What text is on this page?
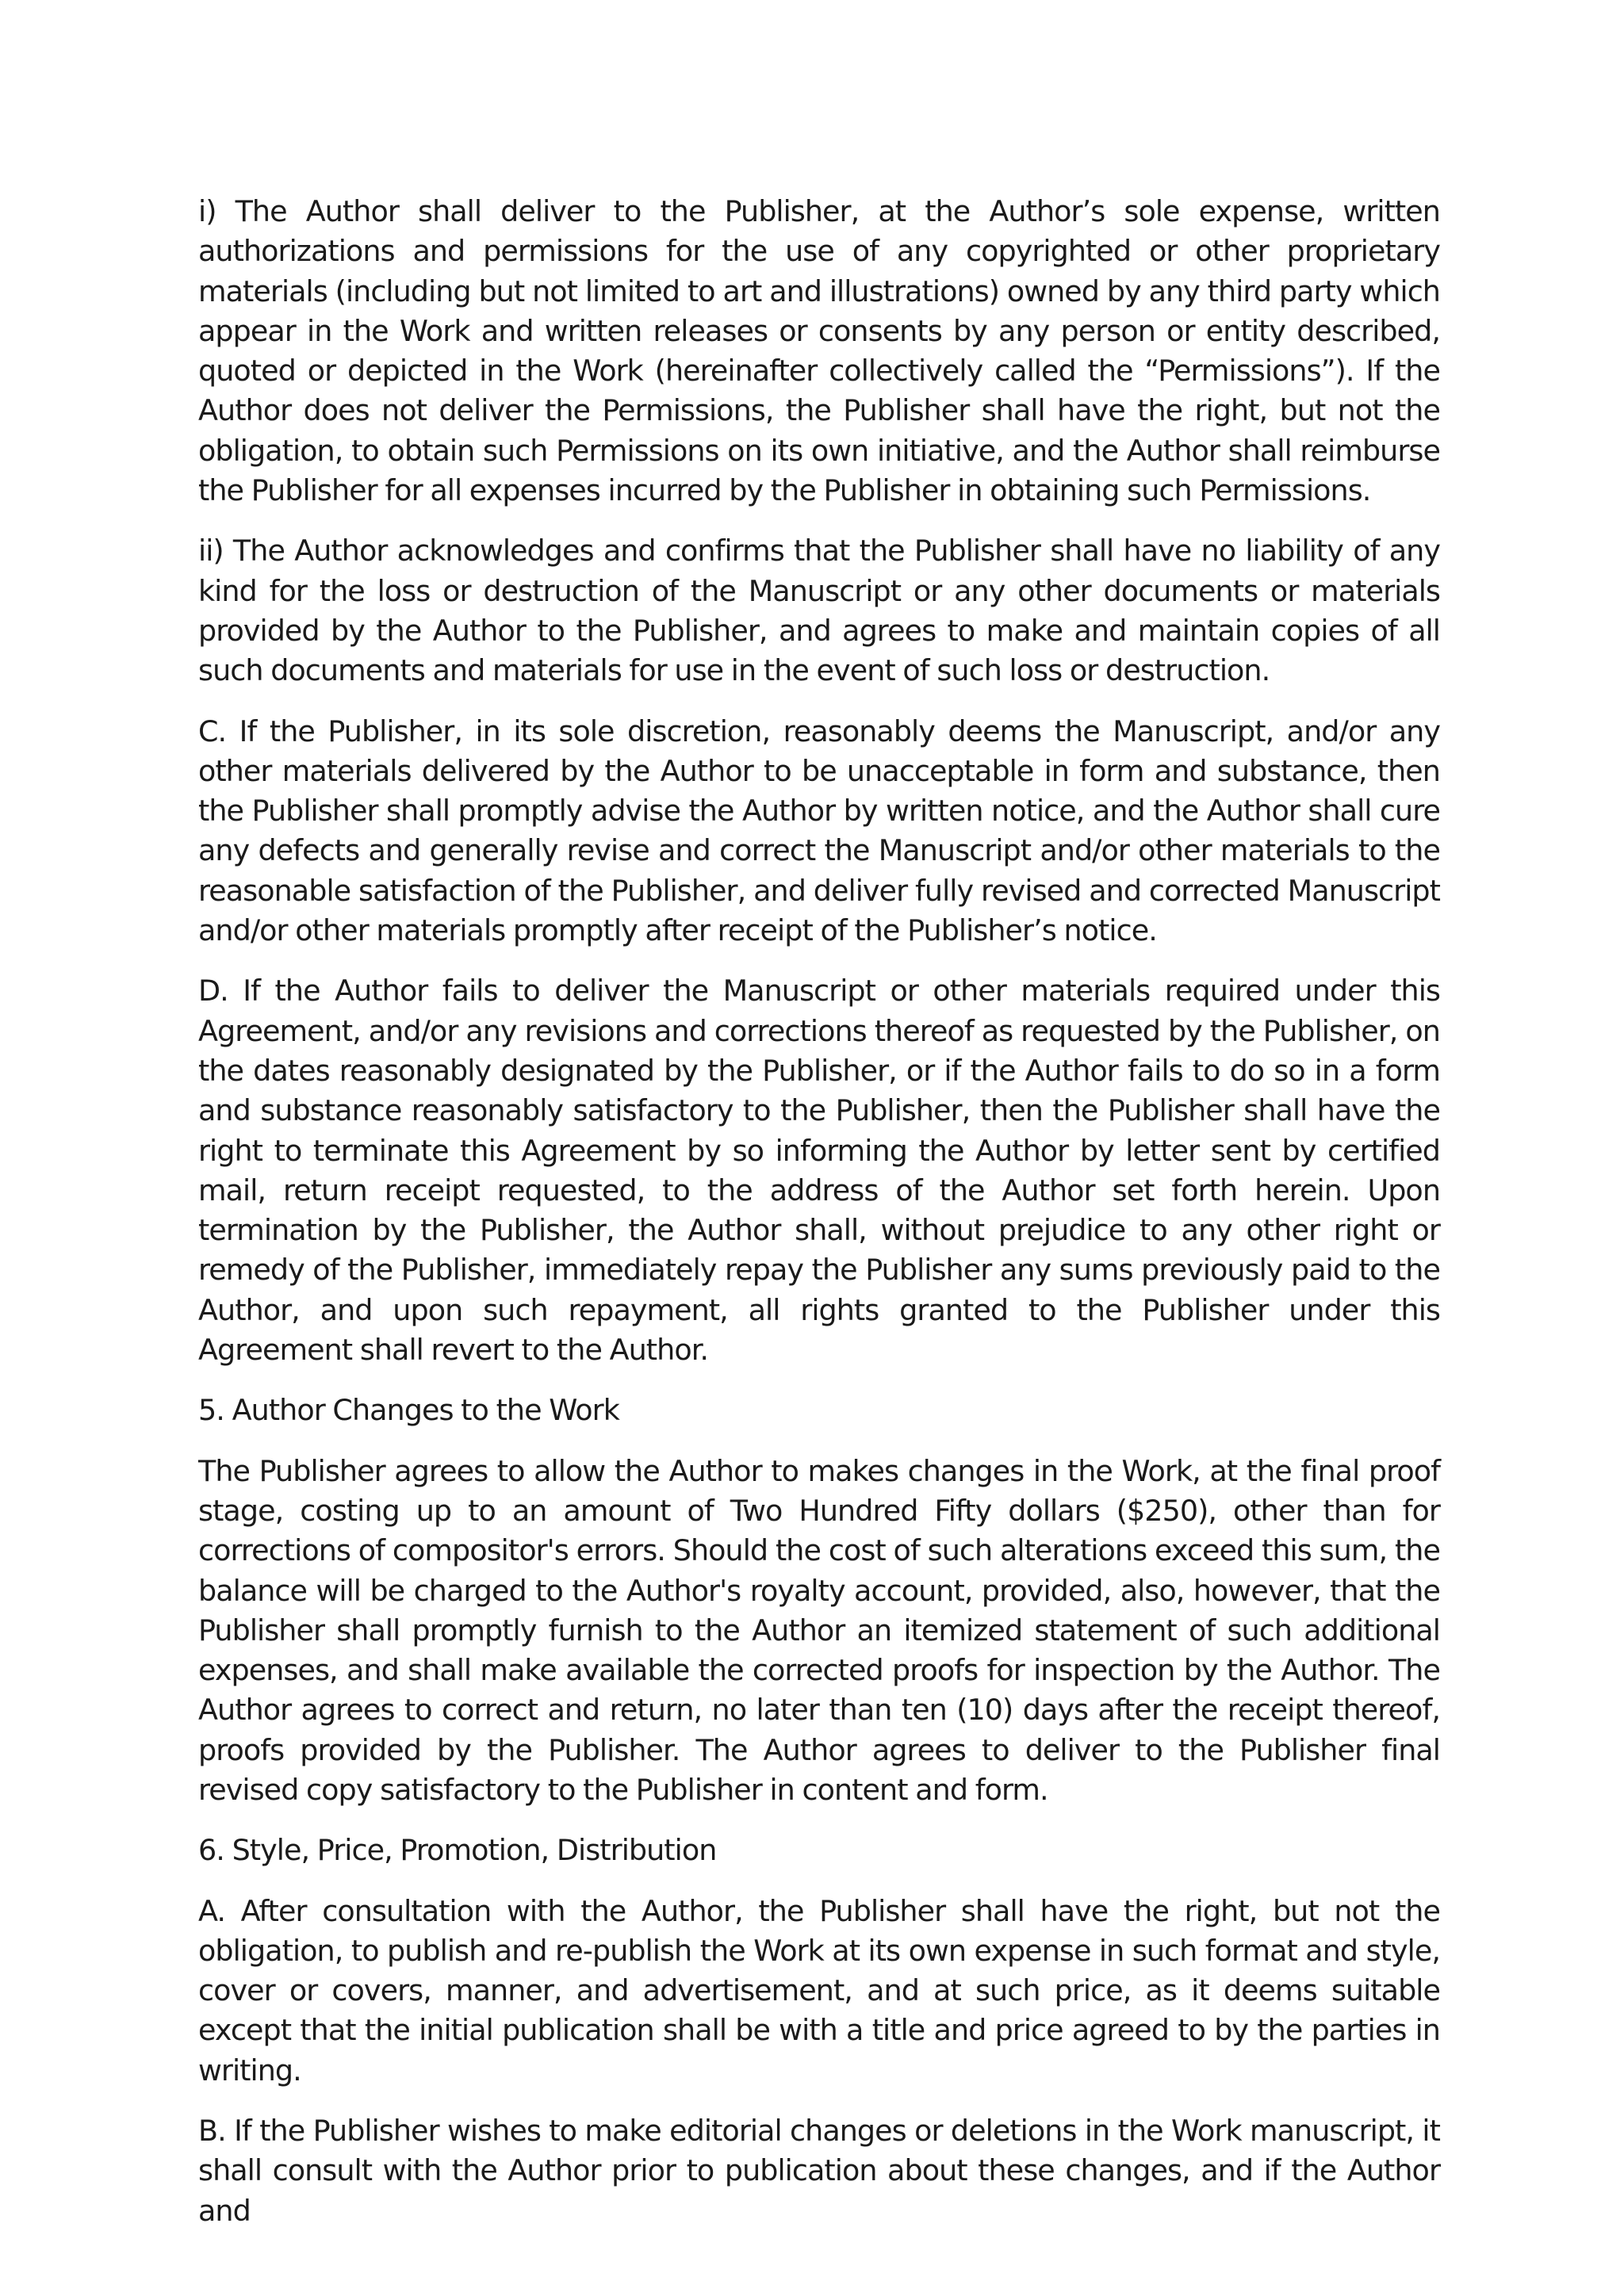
i) The Author shall deliver to the Publisher, at the Author’s sole expense, written authorizations and permissions for the use of any copyrighted or other proprietary materials (including but not limited to art and illustrations) owned by any third party which appear in the Work and written releases or consents by any person or entity described, quoted or depicted in the Work (hereinafter collectively called the “Permissions”). If the Author does not deliver the Permissions, the Publisher shall have the right, but not the obligation, to obtain such Permissions on its own initiative, and the Author shall reimburse the Publisher for all expenses incurred by the Publisher in obtaining such Permissions.

ii) The Author acknowledges and confirms that the Publisher shall have no liability of any kind for the loss or destruction of the Manuscript or any other documents or materials provided by the Author to the Publisher, and agrees to make and maintain copies of all such documents and materials for use in the event of such loss or destruction.

C. If the Publisher, in its sole discretion, reasonably deems the Manuscript, and/or any other materials delivered by the Author to be unacceptable in form and substance, then the Publisher shall promptly advise the Author by written notice, and the Author shall cure any defects and generally revise and correct the Manuscript and/or other materials to the reasonable satisfaction of the Publisher, and deliver fully revised and corrected Manuscript and/or other materials promptly after receipt of the Publisher’s notice.

D. If the Author fails to deliver the Manuscript or other materials required under this Agreement, and/or any revisions and corrections thereof as requested by the Publisher, on the dates reasonably designated by the Publisher, or if the Author fails to do so in a form and substance reasonably satisfactory to the Publisher, then the Publisher shall have the right to terminate this Agreement by so informing the Author by letter sent by certified mail, return receipt requested, to the address of the Author set forth herein. Upon termination by the Publisher, the Author shall, without prejudice to any other right or remedy of the Publisher, immediately repay the Publisher any sums previously paid to the Author, and upon such repayment, all rights granted to the Publisher under this Agreement shall revert to the Author.

5. Author Changes to the Work

The Publisher agrees to allow the Author to makes changes in the Work, at the final proof stage, costing up to an amount of Two Hundred Fifty dollars ($250), other than for corrections of compositor's errors. Should the cost of such alterations exceed this sum, the balance will be charged to the Author's royalty account, provided, also, however, that the Publisher shall promptly furnish to the Author an itemized statement of such additional expenses, and shall make available the corrected proofs for inspection by the Author. The Author agrees to correct and return, no later than ten (10) days after the receipt thereof, proofs provided by the Publisher. The Author agrees to deliver to the Publisher final revised copy satisfactory to the Publisher in content and form.

6. Style, Price, Promotion, Distribution

A. After consultation with the Author, the Publisher shall have the right, but not the obligation, to publish and re-publish the Work at its own expense in such format and style, cover or covers, manner, and advertisement, and at such price, as it deems suitable except that the initial publication shall be with a title and price agreed to by the parties in writing.

B. If the Publisher wishes to make editorial changes or deletions in the Work manuscript, it shall consult with the Author prior to publication about these changes, and if the Author and
